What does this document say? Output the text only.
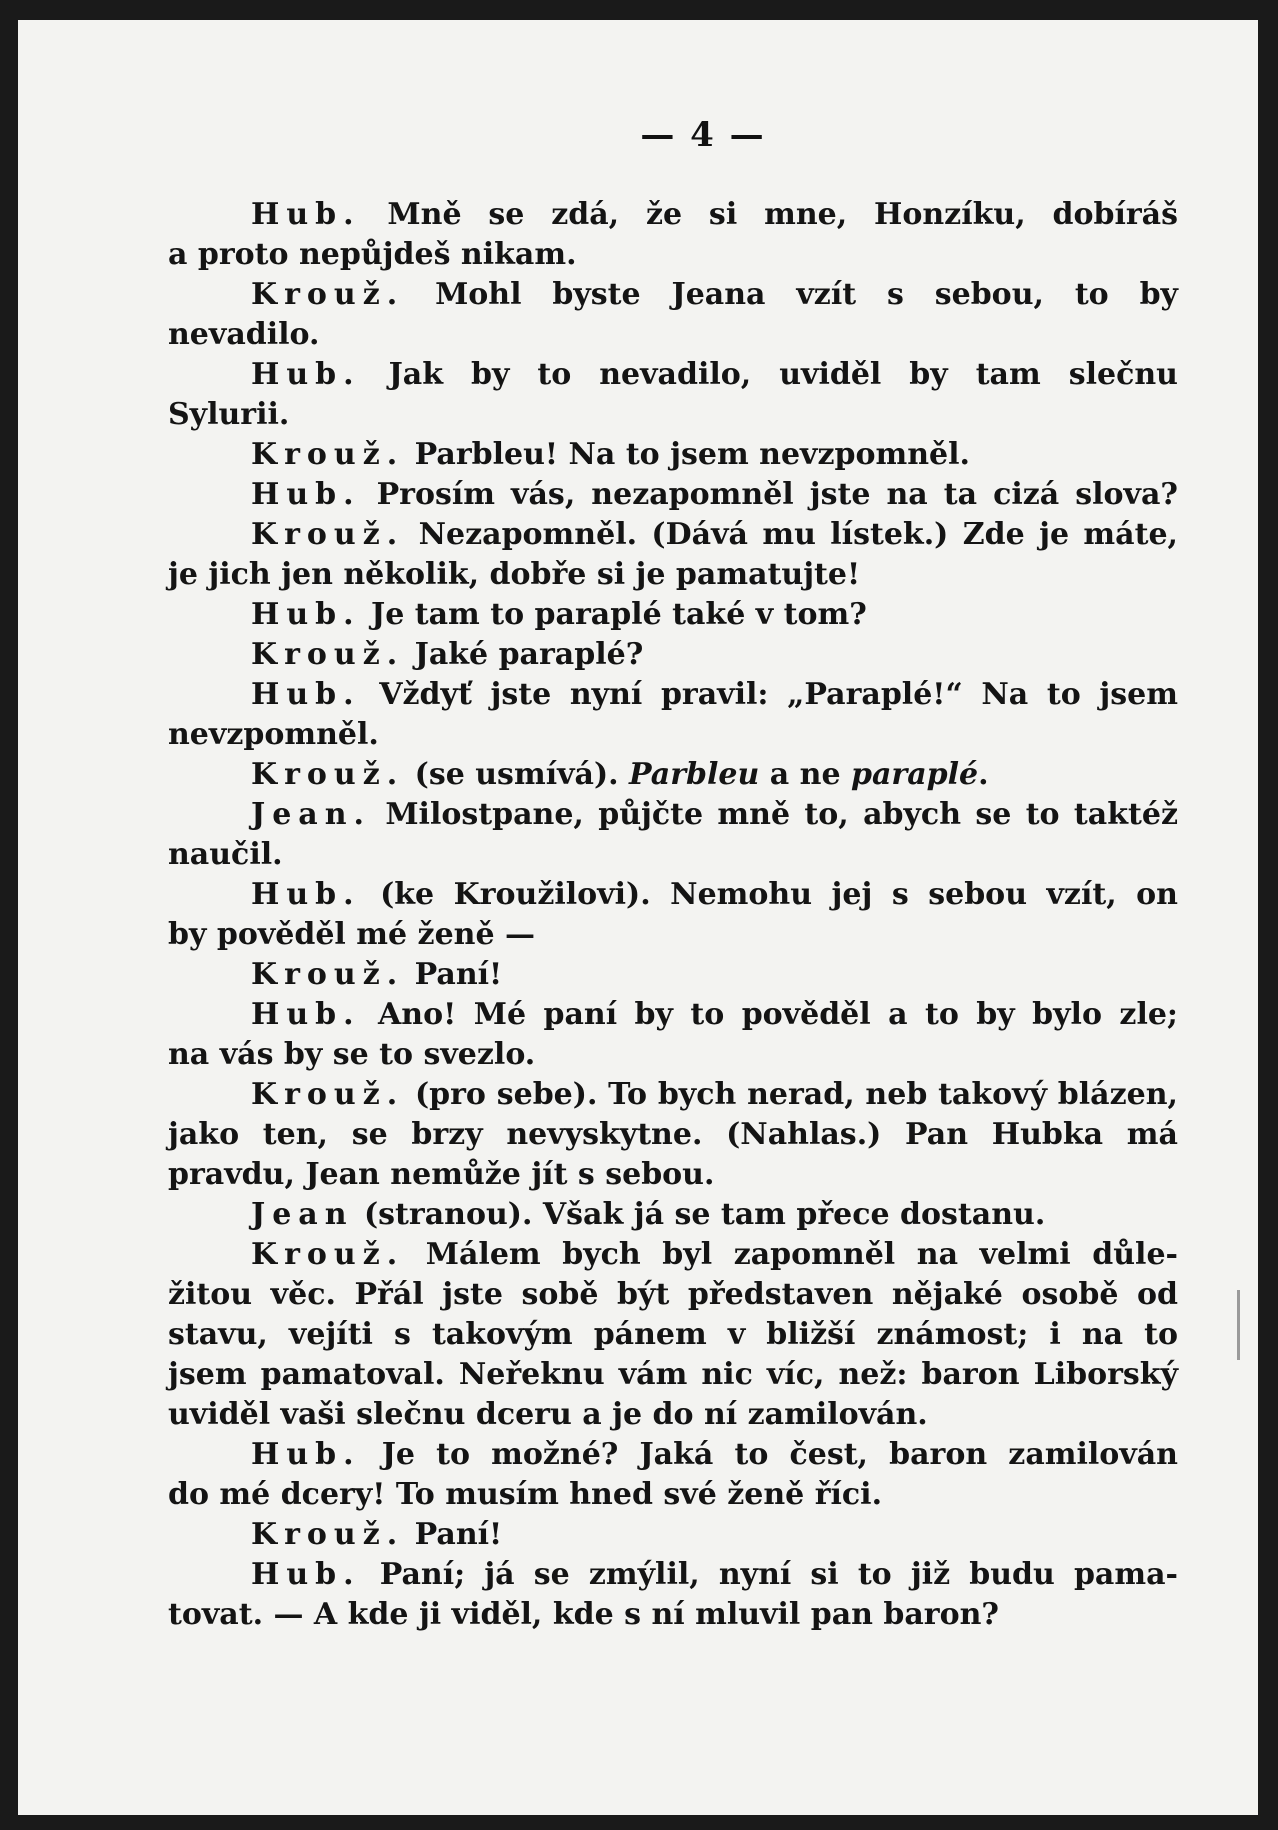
— 4 —
Hub. Mně se zdá, že si mne, Honzíku, dobíráš
a proto nepůjdeš nikam.
Krouž. Mohl byste Jeana vzít s sebou, to by
nevadilo.
Hub. Jak by to nevadilo, uviděl by tam slečnu
Sylurii.
Krouž. Parbleu! Na to jsem nevzpomněl.
Hub. Prosím vás, nezapomněl jste na ta cizá slova?
Krouž. Nezapomněl. (Dává mu lístek.) Zde je máte,
je jich jen několik, dobře si je pamatujte!
Hub. Je tam to paraplé také v tom?
Krouž. Jaké paraplé?
Hub. Vždyť jste nyní pravil: „Paraplé!“ Na to jsem
nevzpomněl.
Krouž. (se usmívá). Parbleu a ne paraplé.
Jean. Milostpane, půjčte mně to, abych se to taktéž
naučil.
Hub. (ke Kroužilovi). Nemohu jej s sebou vzít, on
by pověděl mé ženě —
Krouž. Paní!
Hub. Ano! Mé paní by to pověděl a to by bylo zle;
na vás by se to svezlo.
Krouž. (pro sebe). To bych nerad, neb takový blázen,
jako ten, se brzy nevyskytne. (Nahlas.) Pan Hubka má
pravdu, Jean nemůže jít s sebou.
Jean (stranou). Však já se tam přece dostanu.
Krouž. Málem bych byl zapomněl na velmi důle-
žitou věc. Přál jste sobě být představen nějaké osobě od
stavu, vejíti s takovým pánem v bližší známost; i na to
jsem pamatoval. Neřeknu vám nic víc, než: baron Liborský
uviděl vaši slečnu dceru a je do ní zamilován.
Hub. Je to možné? Jaká to čest, baron zamilován
do mé dcery! To musím hned své ženě říci.
Krouž. Paní!
Hub. Paní; já se zmýlil, nyní si to již budu pama-
tovat. — A kde ji viděl, kde s ní mluvil pan baron?
